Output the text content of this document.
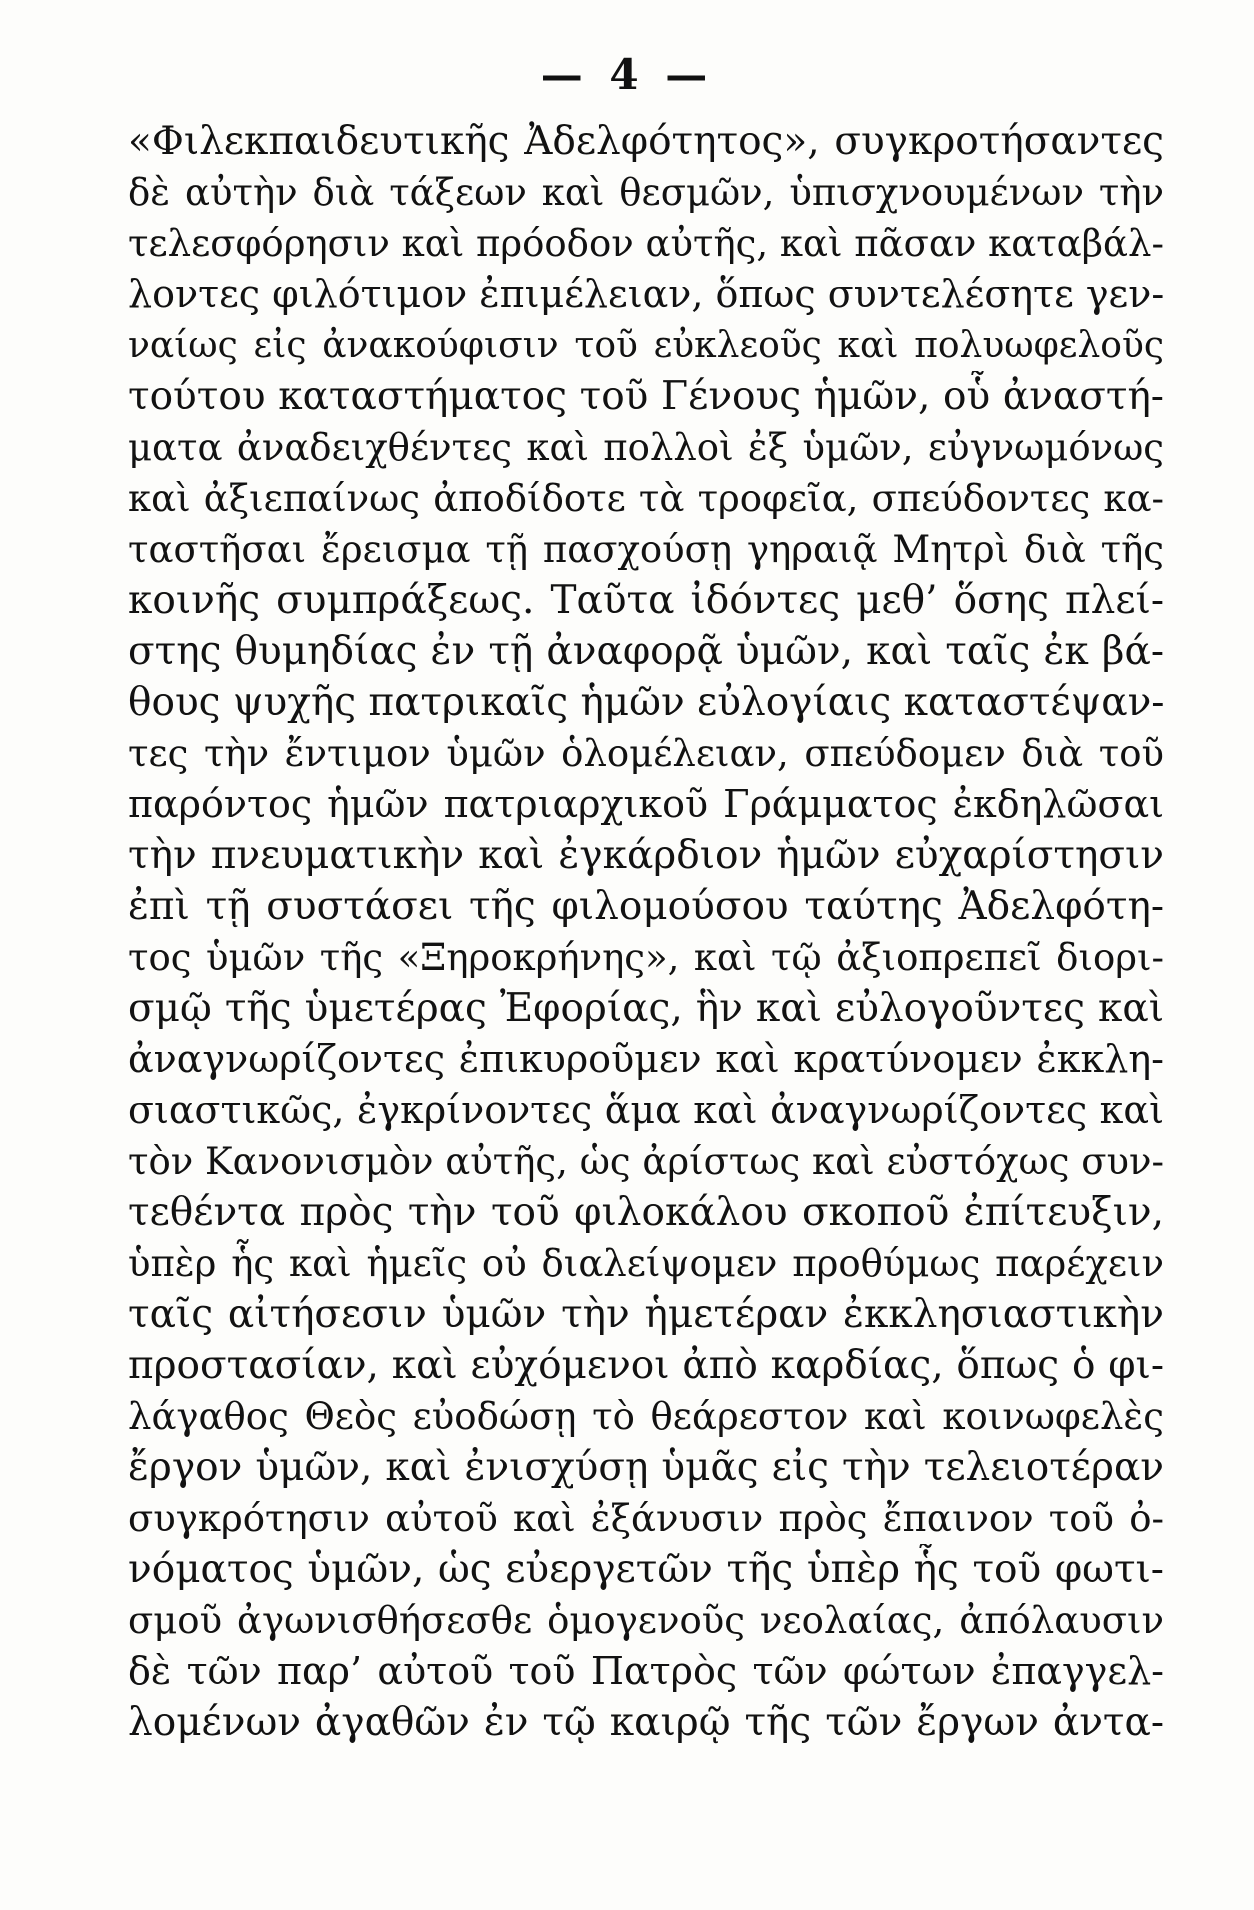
— 4 —
«Φιλεκπαιδευτικῆς Ἀδελφότητος», συγκροτήσαντες
δὲ αὐτὴν διὰ τάξεων καὶ θεσμῶν, ὑπισχνουμένων τὴν
τελεσφόρησιν καὶ πρόοδον αὐτῆς, καὶ πᾶσαν καταβάλ-
λοντες φιλότιμον ἐπιμέλειαν, ὅπως συντελέσητε γεν-
ναίως εἰς ἀνακούφισιν τοῦ εὐκλεοῦς καὶ πολυωφελοῦς
τούτου καταστήματος τοῦ Γένους ἡμῶν, οὗ ἀναστή-
ματα ἀναδειχθέντες καὶ πολλοὶ ἐξ ὑμῶν, εὐγνωμόνως
καὶ ἀξιεπαίνως ἀποδίδοτε τὰ τροφεῖα, σπεύδοντες κα-
ταστῆσαι ἔρεισμα τῇ πασχούσῃ γηραιᾷ Μητρὶ διὰ τῆς
κοινῆς συμπράξεως. Ταῦτα ἰδόντες μεθ’ ὅσης πλεί-
στης θυμηδίας ἐν τῇ ἀναφορᾷ ὑμῶν, καὶ ταῖς ἐκ βά-
θους ψυχῆς πατρικαῖς ἡμῶν εὐλογίαις καταστέψαν-
τες τὴν ἔντιμον ὑμῶν ὁλομέλειαν, σπεύδομεν διὰ τοῦ
παρόντος ἡμῶν πατριαρχικοῦ Γράμματος ἐκδηλῶσαι
τὴν πνευματικὴν καὶ ἐγκάρδιον ἡμῶν εὐχαρίστησιν
ἐπὶ τῇ συστάσει τῆς φιλομούσου ταύτης Ἀδελφότη-
τος ὑμῶν τῆς «Ξηροκρήνης», καὶ τῷ ἀξιοπρεπεῖ διορι-
σμῷ τῆς ὑμετέρας Ἐφορίας, ἣν καὶ εὐλογοῦντες καὶ
ἀναγνωρίζοντες ἐπικυροῦμεν καὶ κρατύνομεν ἐκκλη-
σιαστικῶς, ἐγκρίνοντες ἅμα καὶ ἀναγνωρίζοντες καὶ
τὸν Κανονισμὸν αὐτῆς, ὡς ἀρίστως καὶ εὐστόχως συν-
τεθέντα πρὸς τὴν τοῦ φιλοκάλου σκοποῦ ἐπίτευξιν,
ὑπὲρ ἧς καὶ ἡμεῖς οὐ διαλείψομεν προθύμως παρέχειν
ταῖς αἰτήσεσιν ὑμῶν τὴν ἡμετέραν ἐκκλησιαστικὴν
προστασίαν, καὶ εὐχόμενοι ἀπὸ καρδίας, ὅπως ὁ φι-
λάγαθος Θεὸς εὐοδώσῃ τὸ θεάρεστον καὶ κοινωφελὲς
ἔργον ὑμῶν, καὶ ἐνισχύσῃ ὑμᾶς εἰς τὴν τελειοτέραν
συγκρότησιν αὐτοῦ καὶ ἐξάνυσιν πρὸς ἔπαινον τοῦ ὀ-
νόματος ὑμῶν, ὡς εὐεργετῶν τῆς ὑπὲρ ἧς τοῦ φωτι-
σμοῦ ἀγωνισθήσεσθε ὁμογενοῦς νεολαίας, ἀπόλαυσιν
δὲ τῶν παρ’ αὐτοῦ τοῦ Πατρὸς τῶν φώτων ἐπαγγελ-
λομένων ἀγαθῶν ἐν τῷ καιρῷ τῆς τῶν ἔργων ἀντα-
